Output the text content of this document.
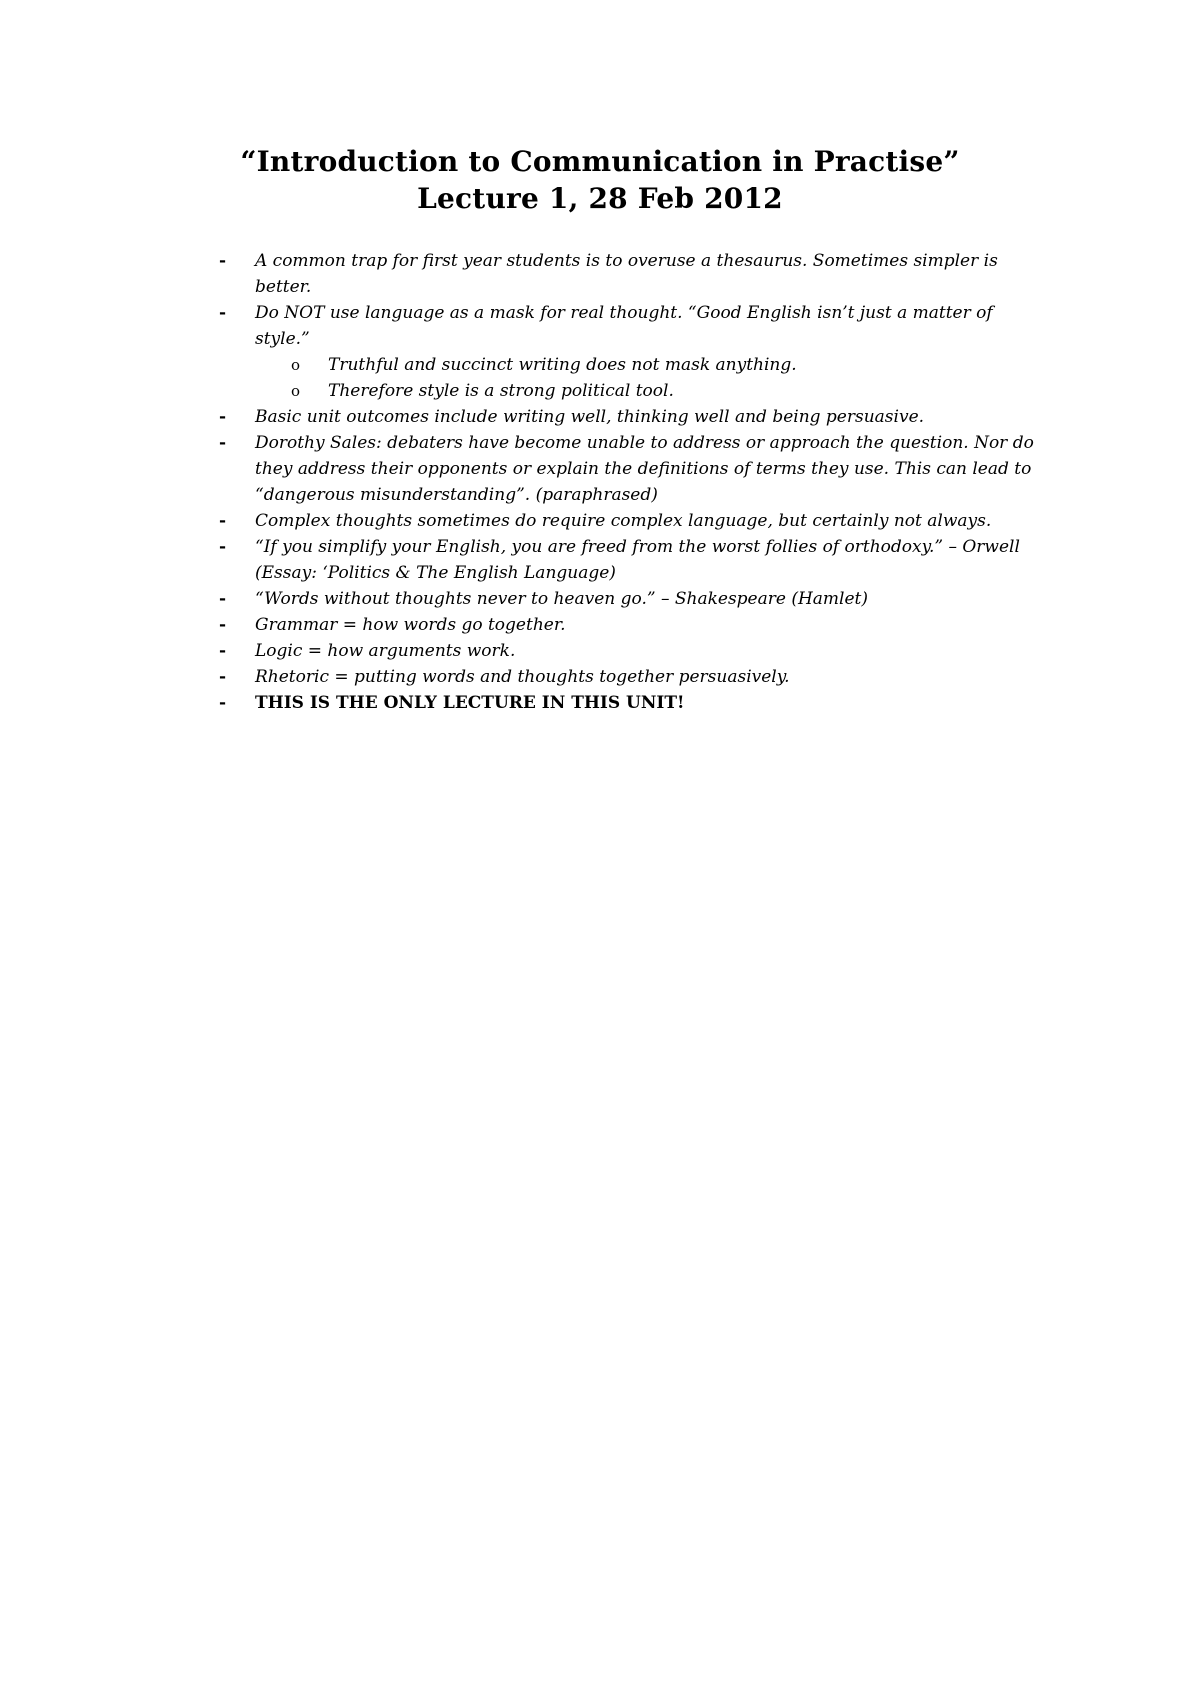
“Introduction to Communication in Practise”
Lecture 1, 28 Feb 2012
- A common trap for first year students is to overuse a thesaurus. Sometimes simpler is better.
- Do NOT use language as a mask for real thought. “Good English isn’t just a matter of style.”
o Truthful and succinct writing does not mask anything.
o Therefore style is a strong political tool.
- Basic unit outcomes include writing well, thinking well and being persuasive.
- Dorothy Sales: debaters have become unable to address or approach the question. Nor do they address their opponents or explain the definitions of terms they use. This can lead to “dangerous misunderstanding”. (paraphrased)
- Complex thoughts sometimes do require complex language, but certainly not always.
- “If you simplify your English, you are freed from the worst follies of orthodoxy.” – Orwell (Essay: ‘Politics & The English Language)
- “Words without thoughts never to heaven go.” – Shakespeare (Hamlet)
- Grammar = how words go together.
- Logic = how arguments work.
- Rhetoric = putting words and thoughts together persuasively.
- THIS IS THE ONLY LECTURE IN THIS UNIT!
